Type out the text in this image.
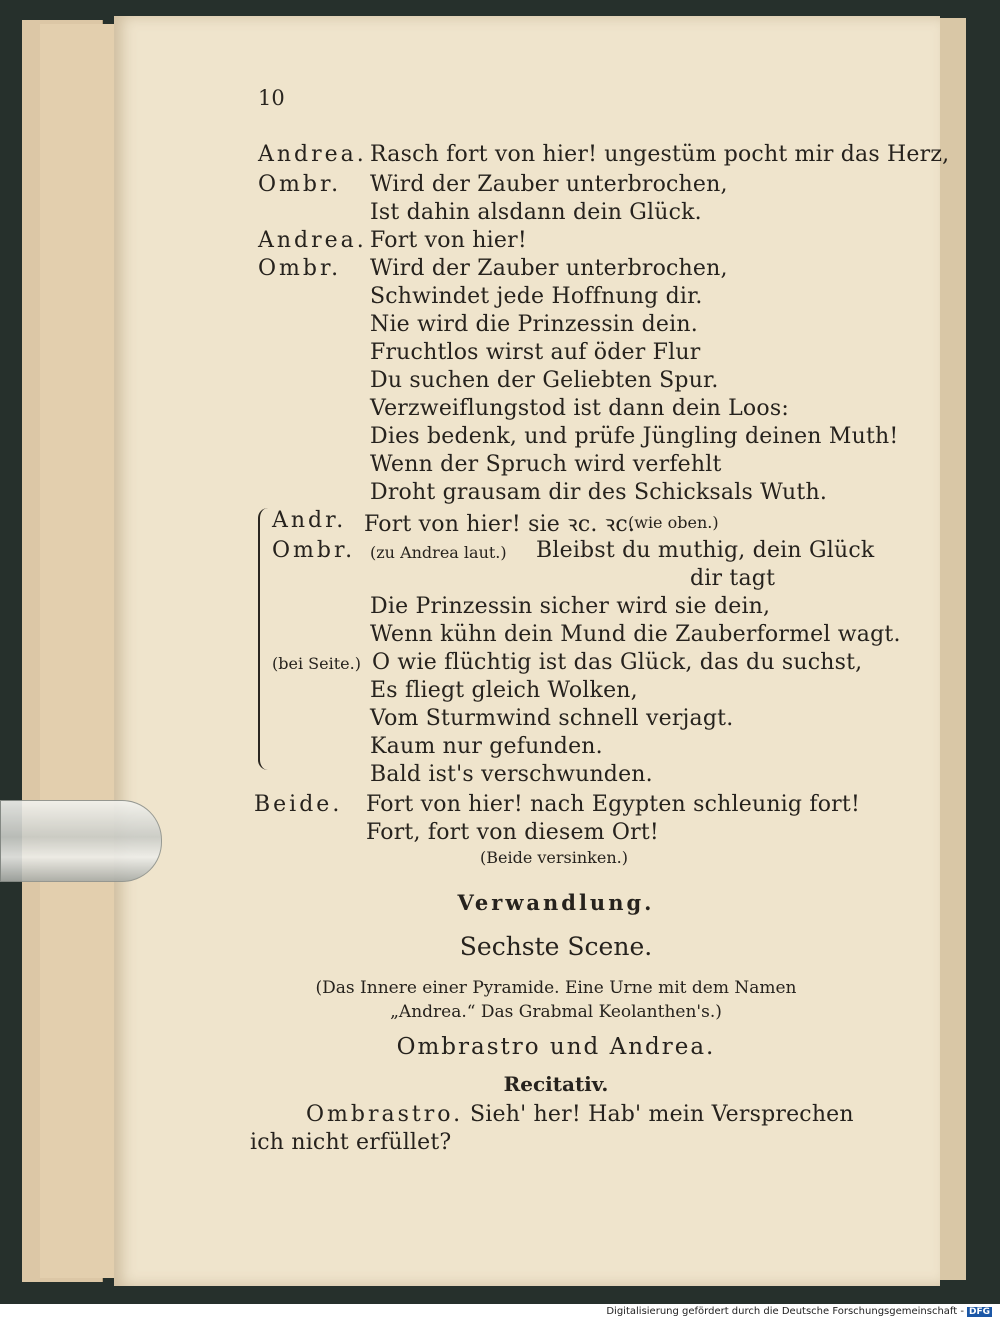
10
Andrea. Rasch fort von hier! ungestüm pocht mir das Herz,
Ombr. Wird der Zauber unterbrochen,
Ist dahin alsdann dein Glück.
Andrea. Fort von hier!
Ombr. Wird der Zauber unterbrochen,
Schwindet jede Hoffnung dir.
Nie wird die Prinzessin dein.
Fruchtlos wirst auf öder Flur
Du suchen der Geliebten Spur.
Verzweiflungstod ist dann dein Loos:
Dies bedenk, und prüfe Jüngling deinen Muth!
Wenn der Spruch wird verfehlt
Droht grausam dir des Schicksals Wuth.
Andr. Fort von hier! sie ꝛc. ꝛc.
(wie oben.)
Ombr. (zu Andrea laut.) Bleibst du muthig, dein Glück
dir tagt
Die Prinzessin sicher wird sie dein,
Wenn kühn dein Mund die Zauberformel wagt.
(bei Seite.) O wie flüchtig ist das Glück, das du suchst,
Es fliegt gleich Wolken,
Vom Sturmwind schnell verjagt.
Kaum nur gefunden.
Bald ist's verschwunden.
Beide. Fort von hier! nach Egypten schleunig fort!
Fort, fort von diesem Ort!
(Beide versinken.)
Verwandlung.
Sechste Scene.
(Das Innere einer Pyramide. Eine Urne mit dem Namen
„Andrea.“ Das Grabmal Keolanthen's.)
Ombrastro und Andrea.
Recitativ.
Ombrastro. Sieh' her! Hab' mein Versprechen
ich nicht erfüllet?
Digitalisierung gefördert durch die Deutsche Forschungsgemeinschaft - DFG
